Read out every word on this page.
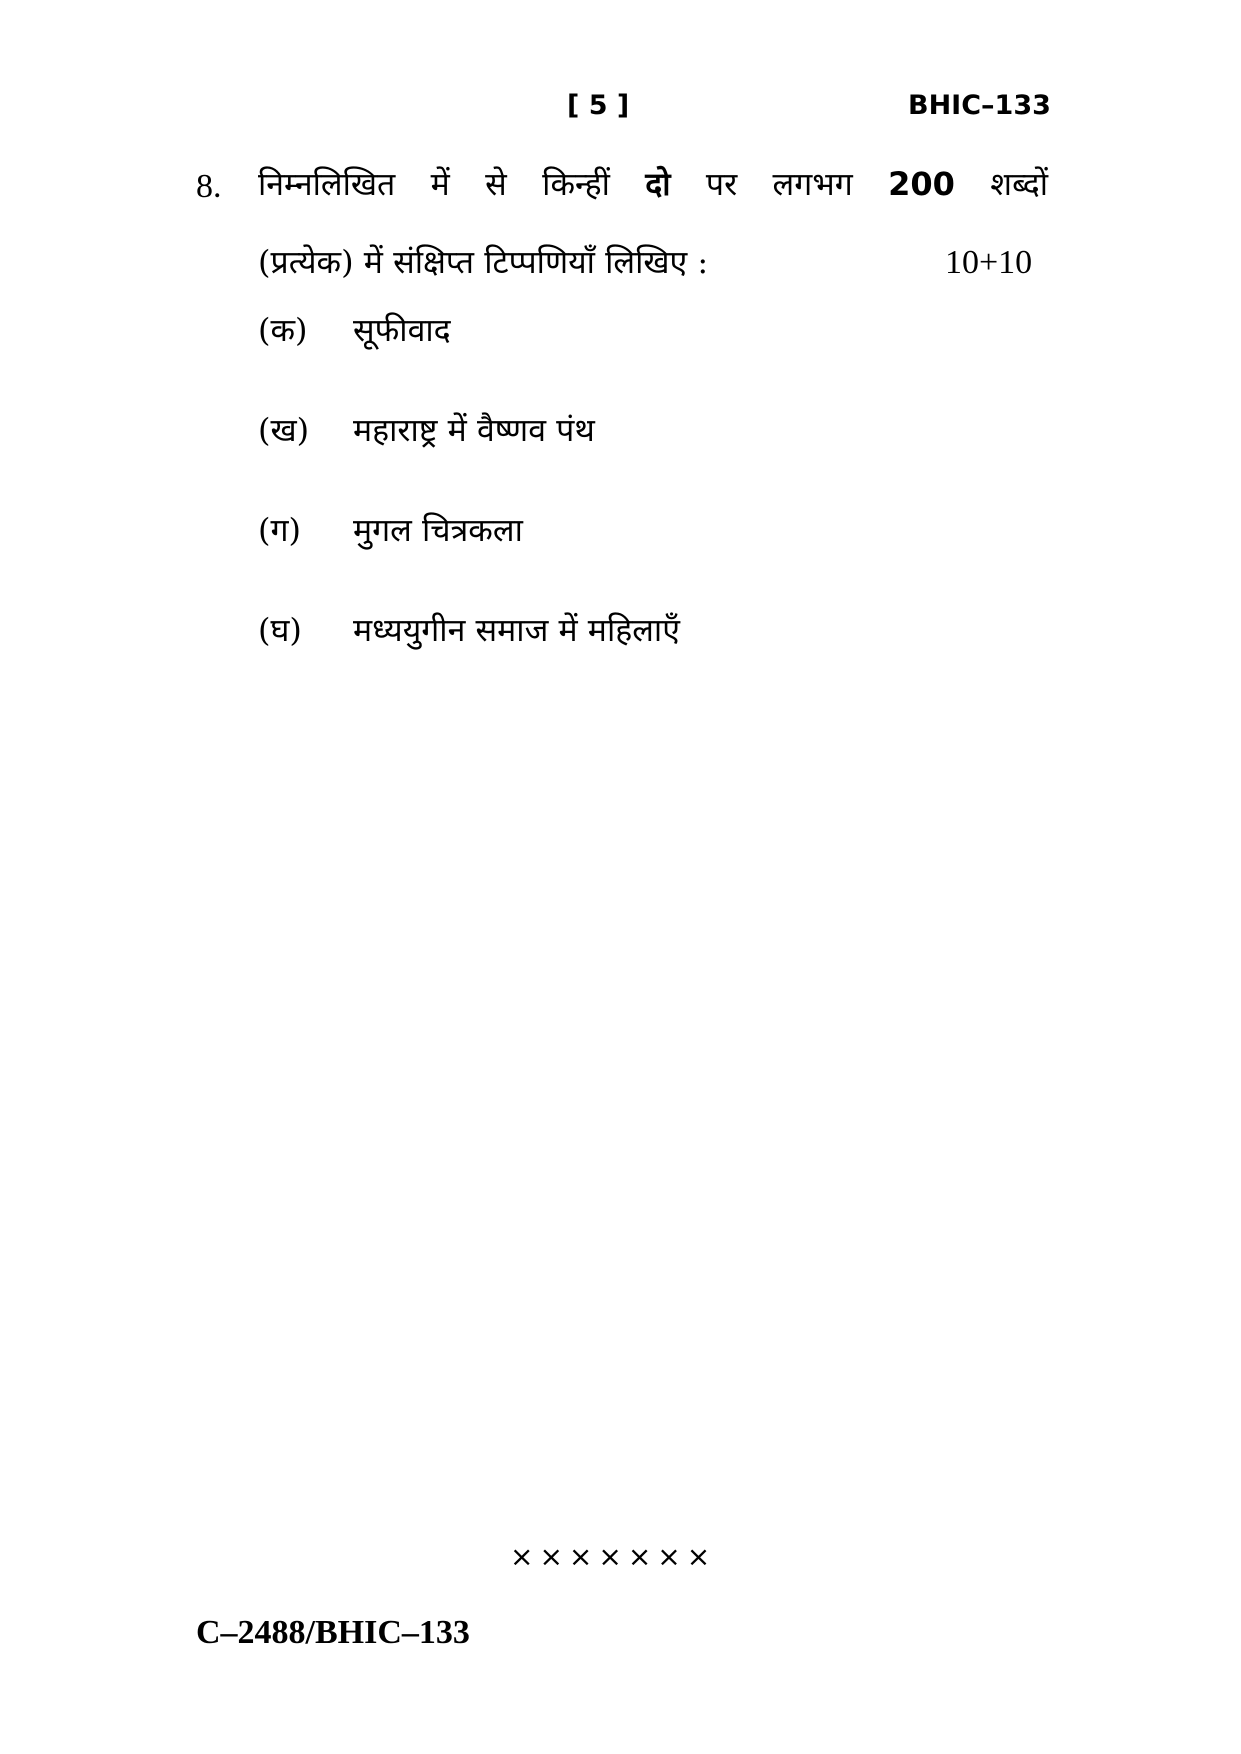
[ 5 ]	BHIC–133
8. निम्नलिखित में से किन्हीं दो पर लगभग 200 शब्दों
(प्रत्येक) में संक्षिप्त टिप्पणियाँ लिखिए :	10+10
(क) सूफीवाद
(ख) महाराष्ट्र में वैष्णव पंथ
(ग) मुगल चित्रकला
(घ) मध्ययुगीन समाज में महिलाएँ
×××××××
C–2488/BHIC–133
